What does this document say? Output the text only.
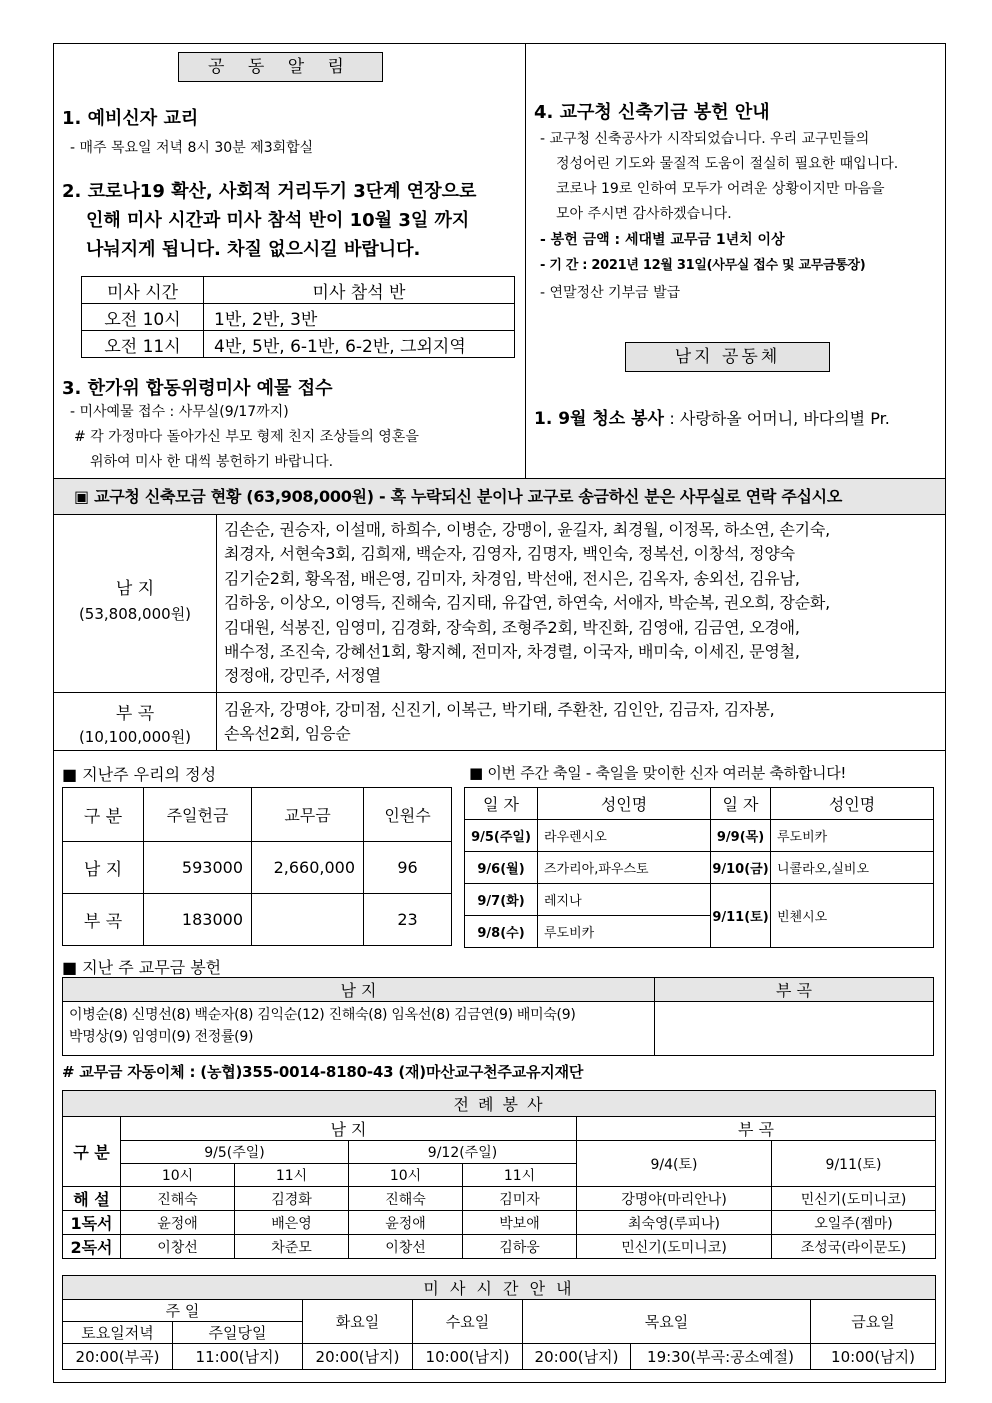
공 동 알 림
1. 예비신자 교리
- 매주 목요일 저녁 8시 30분 제3회합실
2. 코로나19 확산, 사회적 거리두기 3단계 연장으로
인해 미사 시간과 미사 참석 반이 10월 3일 까지
나눠지게 됩니다. 차질 없으시길 바랍니다.
미사 시간	미사 참석 반
오전 10시	1반, 2반, 3반
오전 11시	4반, 5반, 6-1반, 6-2반, 그외지역
3. 한가위 합동위령미사 예물 접수
- 미사예물 접수 : 사무실(9/17까지)
# 각 가정마다 돌아가신 부모 형제 친지 조상들의 영혼을
위하여 미사 한 대씩 봉헌하기 바랍니다.
4. 교구청 신축기금 봉헌 안내
- 교구청 신축공사가 시작되었습니다. 우리 교구민들의
정성어린 기도와 물질적 도움이 절실히 필요한 때입니다.
코로나 19로 인하여 모두가 어려운 상황이지만 마음을
모아 주시면 감사하겠습니다.
- 봉헌 금액 : 세대별 교무금 1년치 이상
- 기 간 : 2021년 12월 31일(사무실 접수 및 교무금통장)
- 연말정산 기부금 발급
남지 공동체
1. 9월 청소 봉사 : 사랑하올 어머니, 바다의별 Pr.
▣ 교구청 신축모금 현황 (63,908,000원) - 혹 누락되신 분이나 교구로 송금하신 분은 사무실로 연락 주십시오
남 지
(53,808,000원)
김손순, 권승자, 이설매, 하희수, 이병순, 강맹이, 윤길자, 최경월, 이정목, 하소연, 손기숙,
최경자, 서현숙3회, 김희재, 백순자, 김영자, 김명자, 백인숙, 정복선, 이창석, 정양숙
김기순2회, 황옥점, 배은영, 김미자, 차경임, 박선애, 전시은, 김옥자, 송외선, 김유남,
김하웅, 이상오, 이영득, 진해숙, 김지태, 유갑연, 하연숙, 서애자, 박순복, 권오희, 장순화,
김대원, 석봉진, 임영미, 김경화, 장숙희, 조형주2회, 박진화, 김영애, 김금연, 오경애,
배수정, 조진숙, 강혜선1회, 황지혜, 전미자, 차경렬, 이국자, 배미숙, 이세진, 문영철,
정정애, 강민주, 서정열
부 곡
(10,100,000원)
김윤자, 강명야, 강미점, 신진기, 이복근, 박기태, 주환찬, 김인안, 김금자, 김자봉,
손옥선2회, 임응순
■ 지난주 우리의 정성
구 분	주일헌금	교무금	인원수
남 지	593000	2,660,000	96
부 곡	183000		23
■ 이번 주간 축일 - 축일을 맞이한 신자 여러분 축하합니다!
일 자	성인명	일 자	성인명
9/5(주일)	라우렌시오	9/9(목)	루도비카
9/6(월)	즈가리아,파우스토	9/10(금)	니콜라오,실비오
9/7(화)	레지나	9/11(토)	빈첸시오
9/8(수)	루도비카		
■ 지난 주 교무금 봉헌
남 지	부 곡

이병순(8) 신명선(8) 백순자(8) 김익순(12) 진해숙(8) 임옥선(8) 김금연(9) 배미숙(9)
박명상(9) 임영미(9) 전정률(9)	

# 교무금 자동이체 : (농협)355-0014-8180-43 (재)마산교구천주교유지재단
전 례 봉 사						
구 분	남 지				부 곡	
	9/5(주일)		9/12(주일)		9/4(토)	9/11(토)
	10시	11시	10시	11시		
해 설	진해숙	김경화	진해숙	김미자	강명야(마리안나)	민신기(도미니코)
1독서	윤정애	배은영	윤정애	박보애	최숙영(루피나)	오일주(젬마)
2독서	이창선	차준모	이창선	김하웅	민신기(도미니코)	조성국(라이문도)
미 사 시 간 안 내						
주 일		화요일	수요일	목요일		금요일
토요일저녁	주일당일					
20:00(부곡)	11:00(남지)	20:00(남지)	10:00(남지)	20:00(남지)	19:30(부곡:공소예절)	10:00(남지)
